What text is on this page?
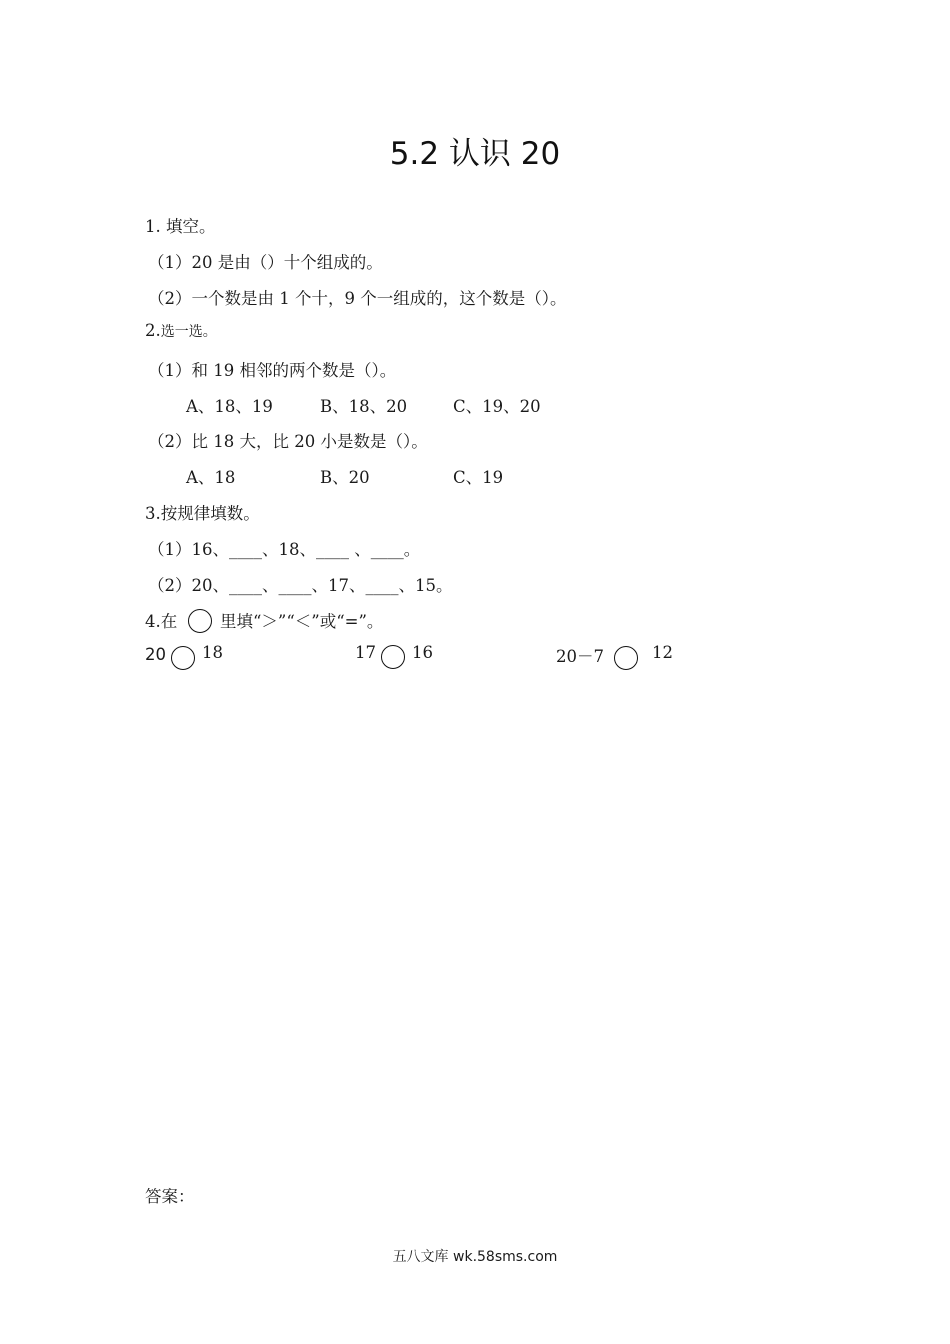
5.2 认识 20
1. 填空。
（1）20 是由（）十个组成的。
（2）一个数是由 1 个十，9 个一组成的，这个数是（）。
2.选一选。
（1）和 19 相邻的两个数是（）。
A、18、19	B、18、20	C、19、20
（2）比 18 大，比 20 小是数是（）。
A、18	B、20	C、19
3.按规律填数。
（1）16、____、18、____ 、____。
（2）20、____、____、17、____、15。
4.在	里填“＞”“＜”或“=”。
20 18	17 16	20－7	12
答案：
五八文库 wk.58sms.com
